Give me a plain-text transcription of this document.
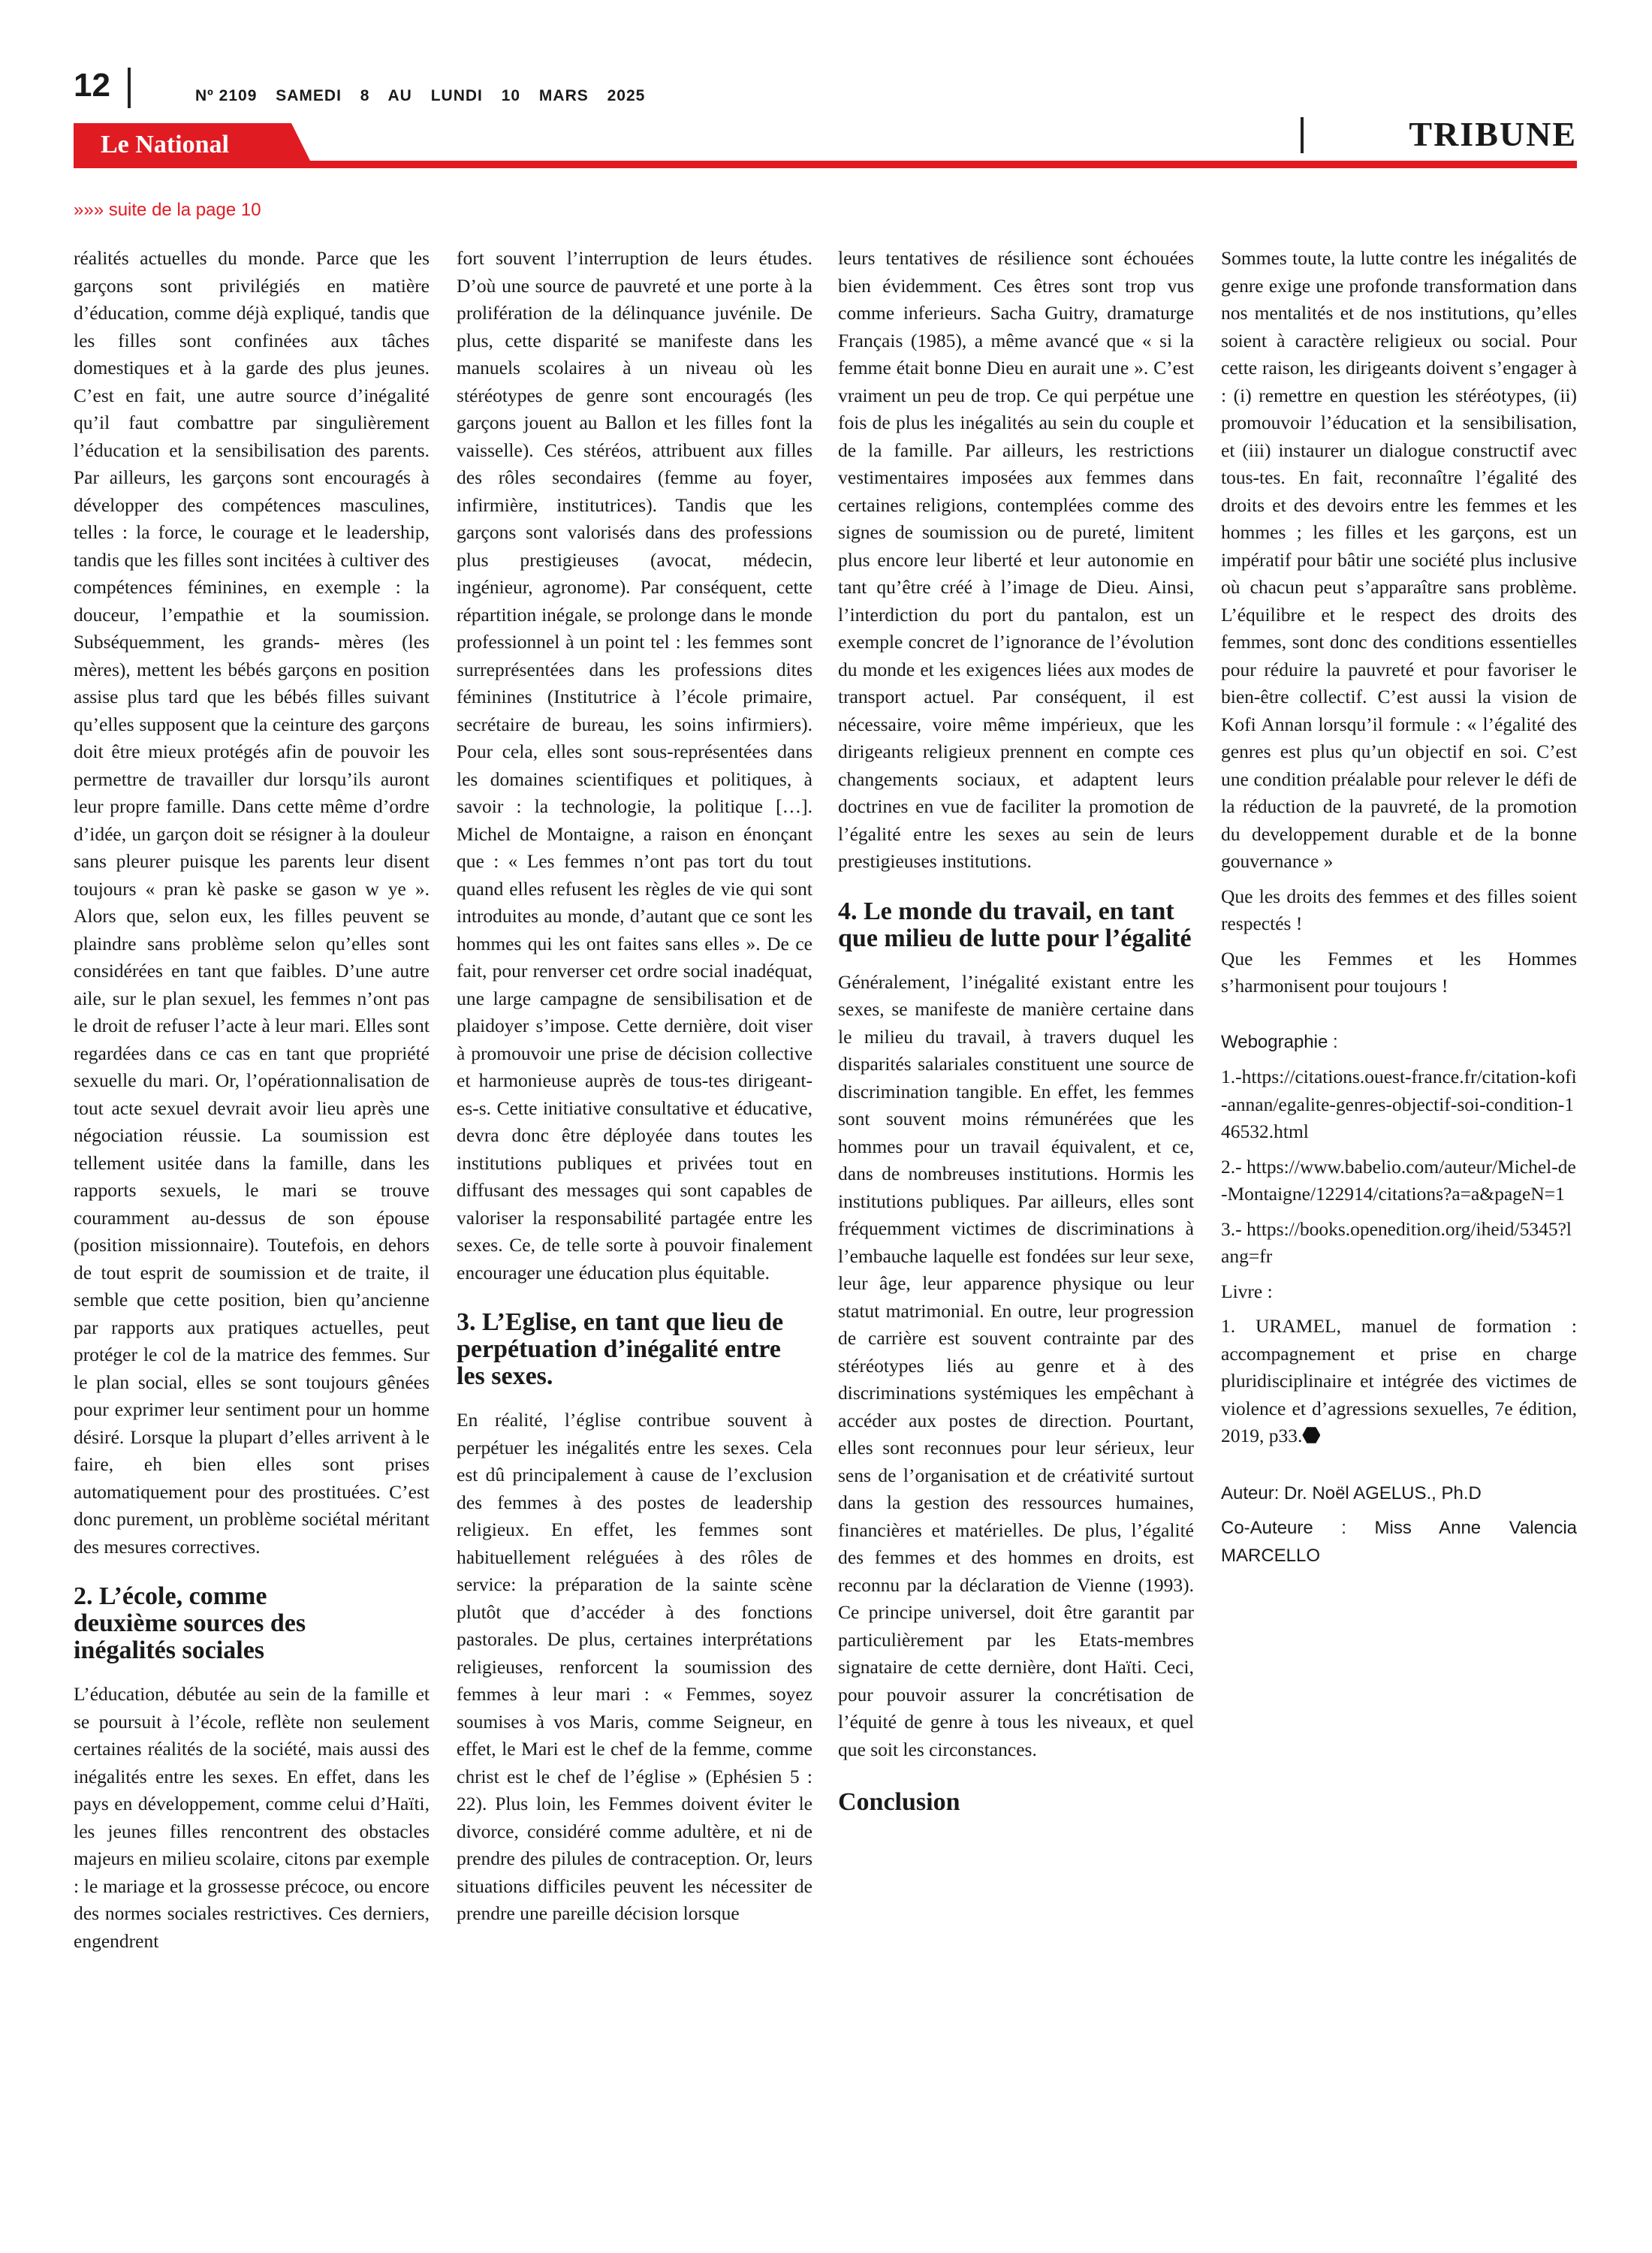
12	Nº 2109 SAMEDI 8 AU LUNDI 10 MARS 2025
Le National	TRIBUNE
»»» suite de la page 10

réalités actuelles du monde. Parce que les garçons sont privilégiés en matière d’éducation, comme déjà expliqué, tandis que les filles sont confinées aux tâches domestiques et à la garde des plus jeunes. C’est en fait, une autre source d’inégalité qu’il faut combattre par singulièrement l’éducation et la sensibilisation des parents. Par ailleurs, les garçons sont encouragés à développer des compétences masculines, telles : la force, le courage et le leadership, tandis que les filles sont incitées à cultiver des compétences féminines, en exemple : la douceur, l’empathie et la soumission. Subséquemment, les grands- mères (les mères), mettent les bébés garçons en position assise plus tard que les bébés filles suivant qu’elles supposent que la ceinture des garçons doit être mieux protégés afin de pouvoir les permettre de travailler dur lorsqu’ils auront leur propre famille. Dans cette même d’ordre d’idée, un garçon doit se résigner à la douleur sans pleurer puisque les parents leur disent toujours « pran kè paske se gason w ye ». Alors que, selon eux, les filles peuvent se plaindre sans problème selon qu’elles sont considérées en tant que faibles. D’une autre aile, sur le plan sexuel, les femmes n’ont pas le droit de refuser l’acte à leur mari. Elles sont regardées dans ce cas en tant que propriété sexuelle du mari. Or, l’opérationnalisation de tout acte sexuel devrait avoir lieu après une négociation réussie. La soumission est tellement usitée dans la famille, dans les rapports sexuels, le mari se trouve couramment au-dessus de son épouse (position missionnaire). Toutefois, en dehors de tout esprit de soumission et de traite, il semble que cette position, bien qu’ancienne par rapports aux pratiques actuelles, peut protéger le col de la matrice des femmes. Sur le plan social, elles se sont toujours gênées pour exprimer leur sentiment pour un homme désiré. Lorsque la plupart d’elles arrivent à le faire, eh bien elles sont prises automatiquement pour des prostituées. C’est donc purement, un problème sociétal méritant des mesures correctives.

2. L’école, comme
deuxième sources des
inégalités sociales

L’éducation, débutée au sein de la famille et se poursuit à l’école, reflète non seulement certaines réalités de la société, mais aussi des inégalités entre les sexes. En effet, dans les pays en développement, comme celui d’Haïti, les jeunes filles rencontrent des obstacles majeurs en milieu scolaire, citons par exemple : le mariage et la grossesse précoce, ou encore des normes sociales restrictives. Ces derniers, engendrent

fort souvent l’interruption de leurs études. D’où une source de pauvreté et une porte à la prolifération de la délinquance juvénile. De plus, cette disparité se manifeste dans les manuels scolaires à un niveau où les stéréotypes de genre sont encouragés (les garçons jouent au Ballon et les filles font la vaisselle). Ces stéréos, attribuent aux filles des rôles secondaires (femme au foyer, infirmière, institutrices). Tandis que les garçons sont valorisés dans des professions plus prestigieuses (avocat, médecin, ingénieur, agronome). Par conséquent, cette répartition inégale, se prolonge dans le monde professionnel à un point tel : les femmes sont surreprésentées dans les professions dites féminines (Institutrice à l’école primaire, secrétaire de bureau, les soins infirmiers). Pour cela, elles sont sous-représentées dans les domaines scientifiques et politiques, à savoir : la technologie, la politique […]. Michel de Montaigne, a raison en énonçant que : « Les femmes n’ont pas tort du tout quand elles refusent les règles de vie qui sont introduites au monde, d’autant que ce sont les hommes qui les ont faites sans elles ». De ce fait, pour renverser cet ordre social inadéquat, une large campagne de sensibilisation et de plaidoyer s’impose. Cette dernière, doit viser à promouvoir une prise de décision collective et harmonieuse auprès de tous-tes dirigeant-es-s. Cette initiative consultative et éducative, devra donc être déployée dans toutes les institutions publiques et privées tout en diffusant des messages qui sont capables de valoriser la responsabilité partagée entre les sexes. Ce, de telle sorte à pouvoir finalement encourager une éducation plus équitable.

3. L’Eglise, en tant que lieu de perpétuation d’inégalité entre les sexes.

En réalité, l’église contribue souvent à perpétuer les inégalités entre les sexes. Cela est dû principalement à cause de l’exclusion des femmes à des postes de leadership religieux. En effet, les femmes sont habituellement reléguées à des rôles de service: la préparation de la sainte scène plutôt que d’accéder à des fonctions pastorales. De plus, certaines interprétations religieuses, renforcent la soumission des femmes à leur mari : « Femmes, soyez soumises à vos Maris, comme Seigneur, en effet, le Mari est le chef de la femme, comme christ est le chef de l’église » (Ephésien 5 : 22). Plus loin, les Femmes doivent éviter le divorce, considéré comme adultère, et ni de prendre des pilules de contraception. Or, leurs situations difficiles peuvent les nécessiter de prendre une pareille décision lorsque

leurs tentatives de résilience sont échouées bien évidemment. Ces êtres sont trop vus comme inferieurs. Sacha Guitry, dramaturge Français (1985), a même avancé que « si la femme était bonne Dieu en aurait une ». C’est vraiment un peu de trop. Ce qui perpétue une fois de plus les inégalités au sein du couple et de la famille. Par ailleurs, les restrictions vestimentaires imposées aux femmes dans certaines religions, contemplées comme des signes de soumission ou de pureté, limitent plus encore leur liberté et leur autonomie en tant qu’être créé à l’image de Dieu. Ainsi, l’interdiction du port du pantalon, est un exemple concret de l’ignorance de l’évolution du monde et les exigences liées aux modes de transport actuel. Par conséquent, il est nécessaire, voire même impérieux, que les dirigeants religieux prennent en compte ces changements sociaux, et adaptent leurs doctrines en vue de faciliter la promotion de l’égalité entre les sexes au sein de leurs prestigieuses institutions.

4. Le monde du travail, en tant que milieu de lutte pour l’égalité

Généralement, l’inégalité existant entre les sexes, se manifeste de manière certaine dans le milieu du travail, à travers duquel les disparités salariales constituent une source de discrimination tangible. En effet, les femmes sont souvent moins rémunérées que les hommes pour un travail équivalent, et ce, dans de nombreuses institutions. Hormis les institutions publiques. Par ailleurs, elles sont fréquemment victimes de discriminations à l’embauche laquelle est fondées sur leur sexe, leur âge, leur apparence physique ou leur statut matrimonial. En outre, leur progression de carrière est souvent contrainte par des stéréotypes liés au genre et à des discriminations systémiques les empêchant à accéder aux postes de direction. Pourtant, elles sont reconnues pour leur sérieux, leur sens de l’organisation et de créativité surtout dans la gestion des ressources humaines, financières et matérielles. De plus, l’égalité des femmes et des hommes en droits, est reconnu par la déclaration de Vienne (1993). Ce principe universel, doit être garantit par particulièrement par les Etats-membres signataire de cette dernière, dont Haïti. Ceci, pour pouvoir assurer la concrétisation de l’équité de genre à tous les niveaux, et quel que soit les circonstances.

Conclusion

Sommes toute, la lutte contre les inégalités de genre exige une profonde transformation dans nos mentalités et de nos institutions, qu’elles soient à caractère religieux ou social. Pour cette raison, les dirigeants doivent s’engager à : (i) remettre en question les stéréotypes, (ii) promouvoir l’éducation et la sensibilisation, et (iii) instaurer un dialogue constructif avec tous-tes. En fait, reconnaître l’égalité des droits et des devoirs entre les femmes et les hommes ; les filles et les garçons, est un impératif pour bâtir une société plus inclusive où chacun peut s’apparaître sans problème. L’équilibre et le respect des droits des femmes, sont donc des conditions essentielles pour réduire la pauvreté et pour favoriser le bien-être collectif. C’est aussi la vision de Kofi Annan lorsqu’il formule : « l’égalité des genres est plus qu’un objectif en soi. C’est une condition préalable pour relever le défi de la réduction de la pauvreté, de la promotion du developpement durable et de la bonne gouvernance »

Que les droits des femmes et des filles soient respectés !

Que les Femmes et les Hommes s’harmonisent pour toujours !

Webographie :

1.-https://citations.ouest-france.fr/citation-kofi-annan/egalite-genres-objectif-soi-condition-146532.html

2.- https://www.babelio.com/auteur/Michel-de-Montaigne/122914/citations?a=a&pageN=1

3.- https://books.openedition.org/iheid/5345?lang=fr

Livre :

1. URAMEL, manuel de formation : accompagnement et prise en charge pluridisciplinaire et intégrée des victimes de violence et d’agressions sexuelles, 7e édition, 2019, p33.

Auteur: Dr. Noël AGELUS., Ph.D

Co-Auteure : Miss Anne Valencia MARCELLO
